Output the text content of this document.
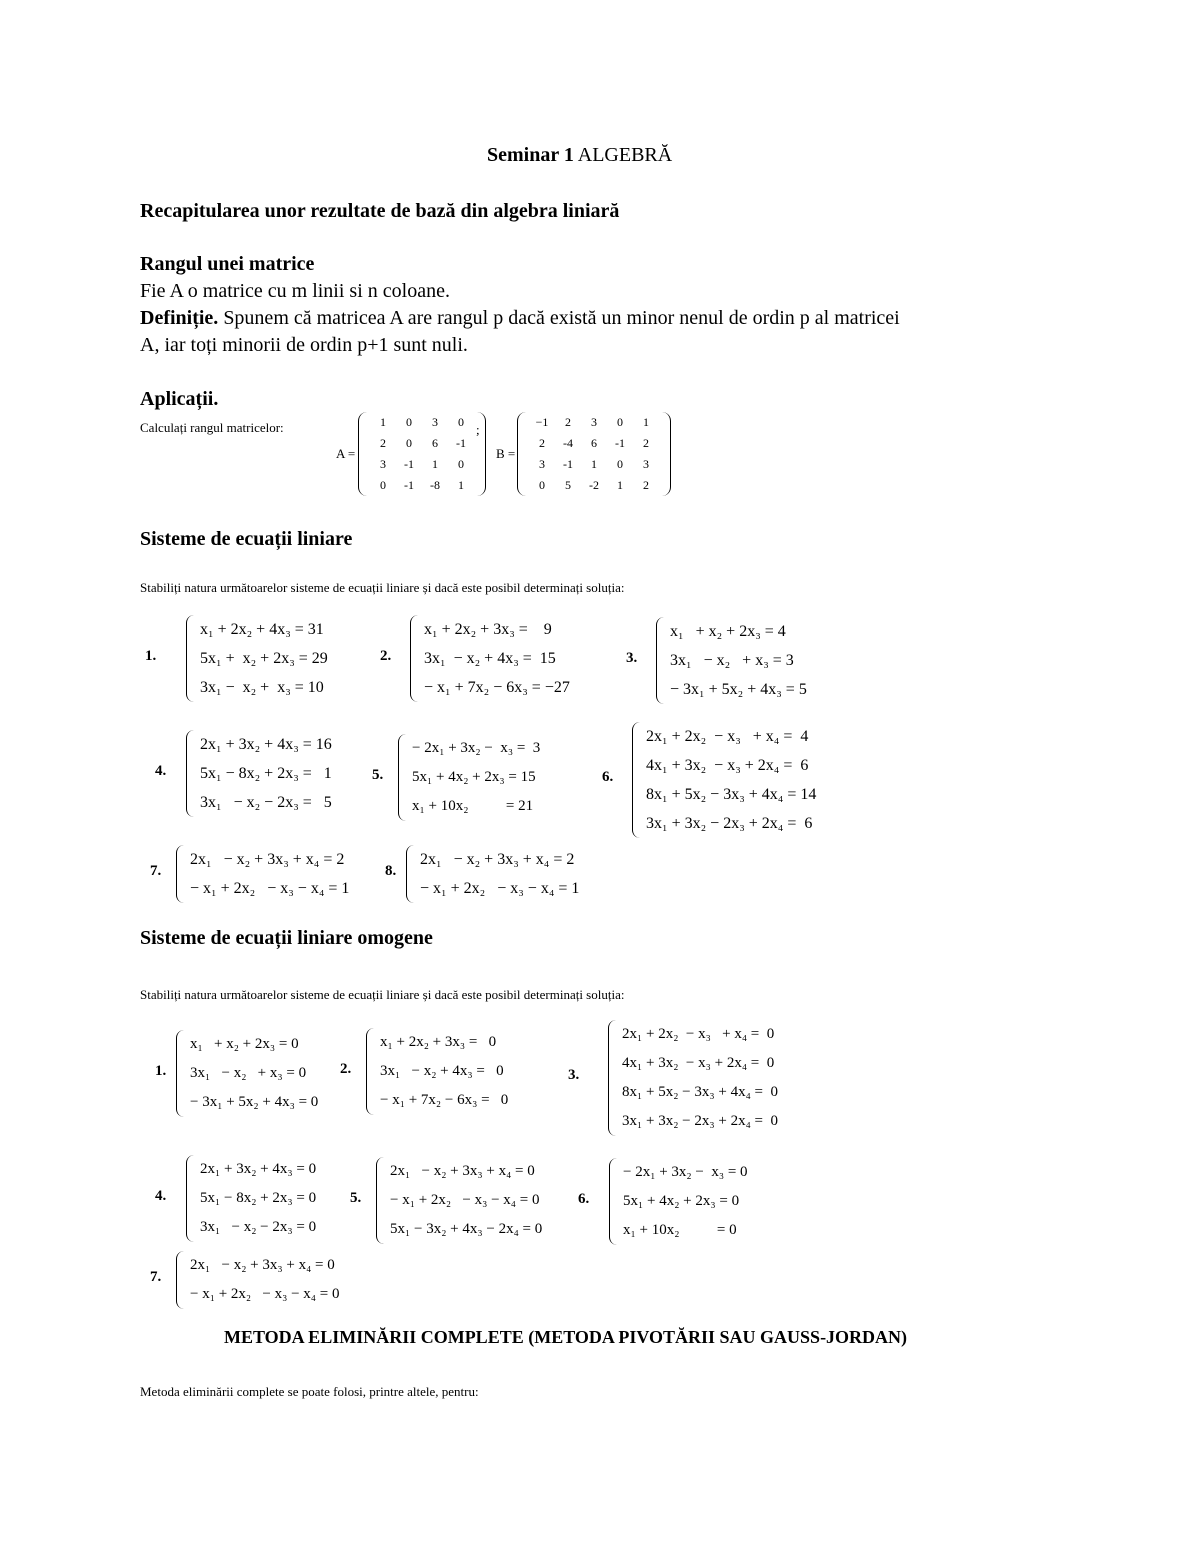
Seminar 1 ALGEBRĂ
Recapitularea unor rezultate de bază din algebra liniară
Rangul unei matrice
Fie A o matrice cu m linii si n coloane.
Definiție. Spunem că matricea A are rangul p dacă există un minor nenul de ordin p al matricei
A, iar toți minorii de ordin p+1 sunt nuli.
Aplicații.
Calculați rangul matricelor:
A =
1	0	3	0
2	0	6	-1
3	-1	1	0
0	-1	-8	1
;
B =
−1	2	3	0	1
2	-4	6	-1	2
3	-1	1	0	3
0	5	-2	1	2
Sisteme de ecuații liniare
Stabiliți natura următoarelor sisteme de ecuații liniare și dacă este posibil determinați soluția:
1.
x₁ + 2x₂ + 4x₃ = 31
5x₁ +  x₂ + 2x₃ = 29
3x₁ −  x₂ +  x₃ = 10
2.
x₁ + 2x₂ + 3x₃ =    9
3x₁  − x₂ + 4x₃ =  15
− x₁ + 7x₂ − 6x₃ = −27
3.
x₁   + x₂ + 2x₃ = 4
3x₁   − x₂   + x₃ = 3
− 3x₁ + 5x₂ + 4x₃ = 5
4.
2x₁ + 3x₂ + 4x₃ = 16
5x₁ − 8x₂ + 2x₃ =   1
3x₁   − x₂ − 2x₃ =   5
5.
− 2x₁ + 3x₂ −  x₃ =  3
5x₁ + 4x₂ + 2x₃ = 15
x₁ + 10x₂          = 21
6.
2x₁ + 2x₂  − x₃   + x₄ =  4
4x₁ + 3x₂  − x₃ + 2x₄ =  6
8x₁ + 5x₂ − 3x₃ + 4x₄ = 14
3x₁ + 3x₂ − 2x₃ + 2x₄ =  6
7.
2x₁   − x₂ + 3x₃ + x₄ = 2
− x₁ + 2x₂   − x₃ − x₄ = 1
8.
2x₁   − x₂ + 3x₃ + x₄ = 2
− x₁ + 2x₂   − x₃ − x₄ = 1
Sisteme de ecuații liniare omogene
Stabiliți natura următoarelor sisteme de ecuații liniare și dacă este posibil determinați soluția:
1.
x₁   + x₂ + 2x₃ = 0
3x₁   − x₂   + x₃ = 0
− 3x₁ + 5x₂ + 4x₃ = 0
2.
x₁ + 2x₂ + 3x₃ =   0
3x₁   − x₂ + 4x₃ =   0
− x₁ + 7x₂ − 6x₃ =   0
3.
2x₁ + 2x₂  − x₃   + x₄ =  0
4x₁ + 3x₂  − x₃ + 2x₄ =  0
8x₁ + 5x₂ − 3x₃ + 4x₄ =  0
3x₁ + 3x₂ − 2x₃ + 2x₄ =  0
4.
2x₁ + 3x₂ + 4x₃ = 0
5x₁ − 8x₂ + 2x₃ = 0
3x₁   − x₂ − 2x₃ = 0
5.
2x₁   − x₂ + 3x₃ + x₄ = 0
− x₁ + 2x₂   − x₃ − x₄ = 0
5x₁ − 3x₂ + 4x₃ − 2x₄ = 0
6.
− 2x₁ + 3x₂ −  x₃ = 0
5x₁ + 4x₂ + 2x₃ = 0
x₁ + 10x₂          = 0
7.
2x₁   − x₂ + 3x₃ + x₄ = 0
− x₁ + 2x₂   − x₃ − x₄ = 0
METODA ELIMINĂRII COMPLETE (METODA PIVOTĂRII SAU GAUSS-JORDAN)
Metoda eliminării complete se poate folosi, printre altele, pentru:
